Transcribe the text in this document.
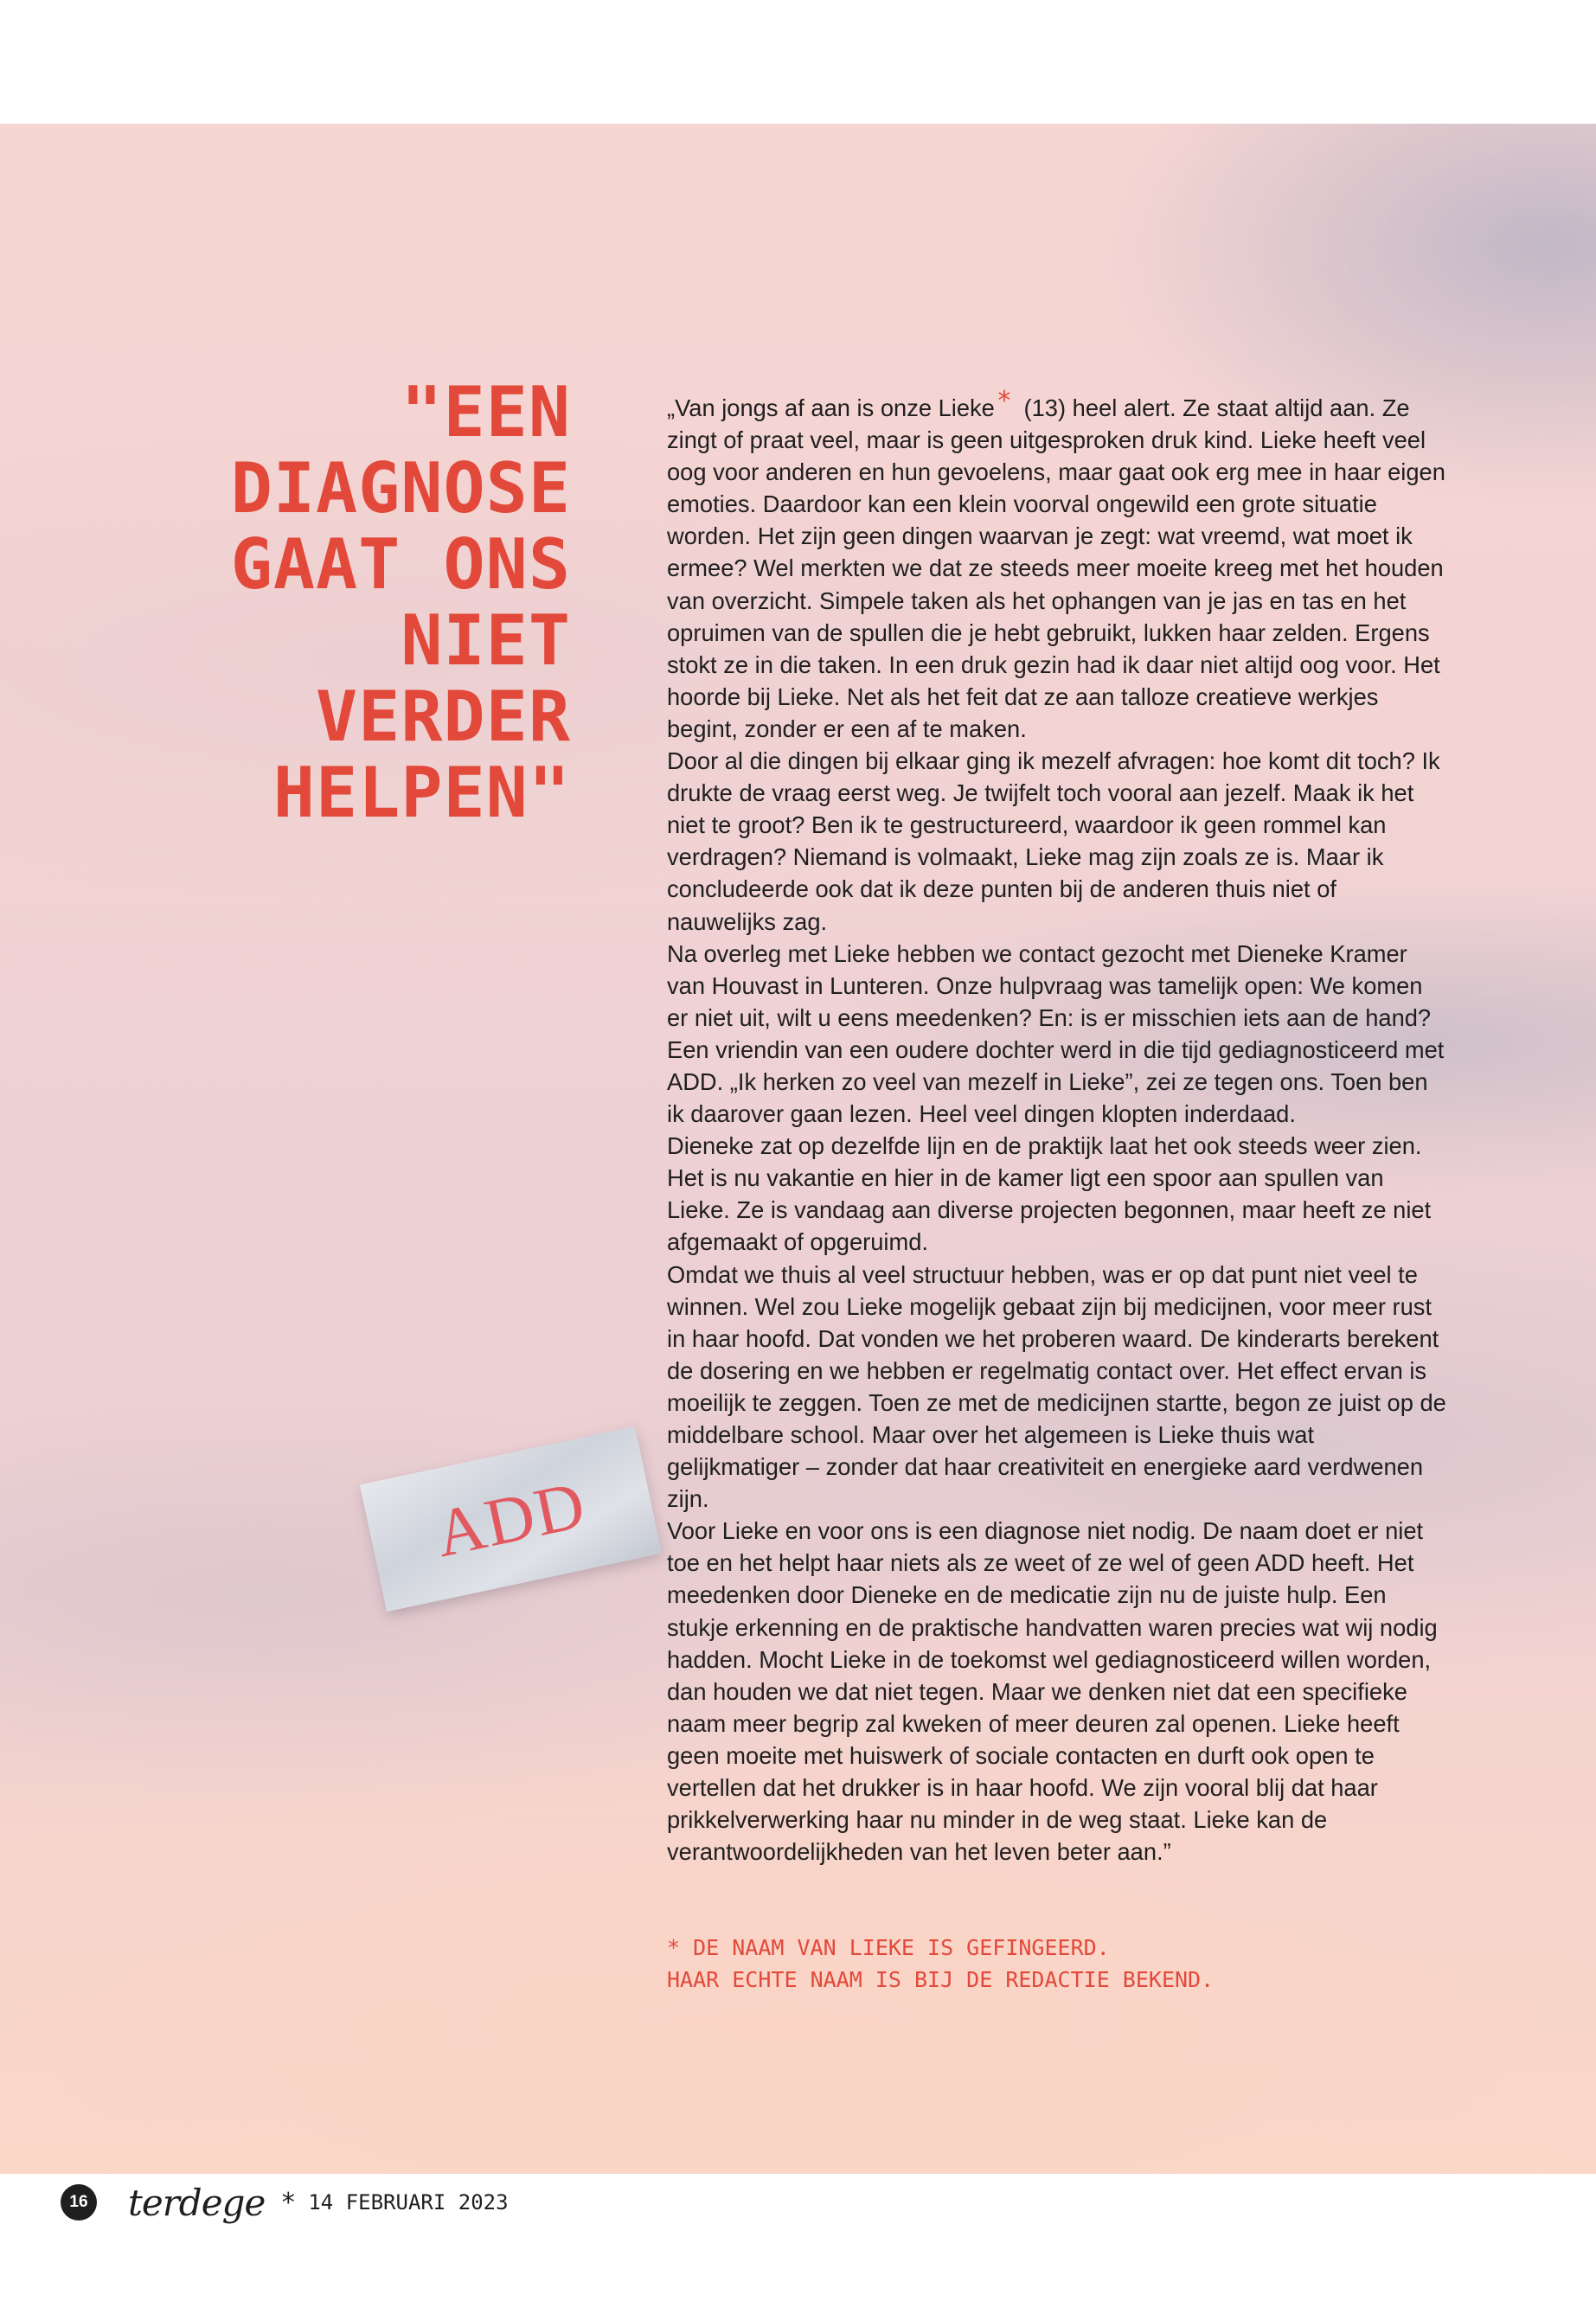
"EEN
DIAGNOSE
GAAT ONS
NIET
VERDER
HELPEN"
ADD

„Van jongs af aan is onze Lieke* (13) heel alert. Ze staat altijd aan. Ze zingt of praat veel, maar is geen uitgesproken druk kind. Lieke heeft veel oog voor anderen en hun gevoelens, maar gaat ook erg mee in haar eigen emoties. Daardoor kan een klein voorval ongewild een grote situatie worden. Het zijn geen dingen waarvan je zegt: wat vreemd, wat moet ik ermee? Wel merkten we dat ze steeds meer moeite kreeg met het houden van overzicht. Simpele taken als het ophangen van je jas en tas en het opruimen van de spullen die je hebt gebruikt, lukken haar zelden. Ergens stokt ze in die taken. In een druk gezin had ik daar niet altijd oog voor. Het hoorde bij Lieke. Net als het feit dat ze aan talloze creatieve werkjes begint, zonder er een af te maken.

Door al die dingen bij elkaar ging ik mezelf afvragen: hoe komt dit toch? Ik drukte de vraag eerst weg. Je twijfelt toch vooral aan jezelf. Maak ik het niet te groot? Ben ik te gestructureerd, waardoor ik geen rommel kan verdragen? Niemand is volmaakt, Lieke mag zijn zoals ze is. Maar ik concludeerde ook dat ik deze punten bij de anderen thuis niet of nauwelijks zag.

Na overleg met Lieke hebben we contact gezocht met Dieneke Kramer van Houvast in Lunteren. Onze hulpvraag was tamelijk open: We komen er niet uit, wilt u eens meedenken? En: is er misschien iets aan de hand? Een vriendin van een oudere dochter werd in die tijd gediagnosticeerd met ADD. „Ik herken zo veel van mezelf in Lieke”, zei ze tegen ons. Toen ben ik daarover gaan lezen. Heel veel dingen klopten inderdaad.

Dieneke zat op dezelfde lijn en de praktijk laat het ook steeds weer zien. Het is nu vakantie en hier in de kamer ligt een spoor aan spullen van Lieke. Ze is vandaag aan diverse projecten begonnen, maar heeft ze niet afgemaakt of opgeruimd.

Omdat we thuis al veel structuur hebben, was er op dat punt niet veel te winnen. Wel zou Lieke mogelijk gebaat zijn bij medicijnen, voor meer rust in haar hoofd. Dat vonden we het proberen waard. De kinderarts berekent de dosering en we hebben er regelmatig contact over. Het effect ervan is moeilijk te zeggen. Toen ze met de medicijnen startte, begon ze juist op de middelbare school. Maar over het algemeen is Lieke thuis wat gelijkmatiger – zonder dat haar creativiteit en energieke aard verdwenen zijn.

Voor Lieke en voor ons is een diagnose niet nodig. De naam doet er niet toe en het helpt haar niets als ze weet of ze wel of geen ADD heeft. Het meedenken door Dieneke en de medicatie zijn nu de juiste hulp. Een stukje erkenning en de praktische handvatten waren precies wat wij nodig hadden. Mocht Lieke in de toekomst wel gediagnosticeerd willen worden, dan houden we dat niet tegen. Maar we denken niet dat een specifieke naam meer begrip zal kweken of meer deuren zal openen. Lieke heeft geen moeite met huiswerk of sociale contacten en durft ook open te vertellen dat het drukker is in haar hoofd. We zijn vooral blij dat haar prikkelverwerking haar nu minder in de weg staat. Lieke kan de verantwoordelijkheden van het leven beter aan.”

* DE NAAM VAN LIEKE IS GEFINGEERD.
HAAR ECHTE NAAM IS BIJ DE REDACTIE BEKEND.
16 terdege * 14 FEBRUARI 2023
